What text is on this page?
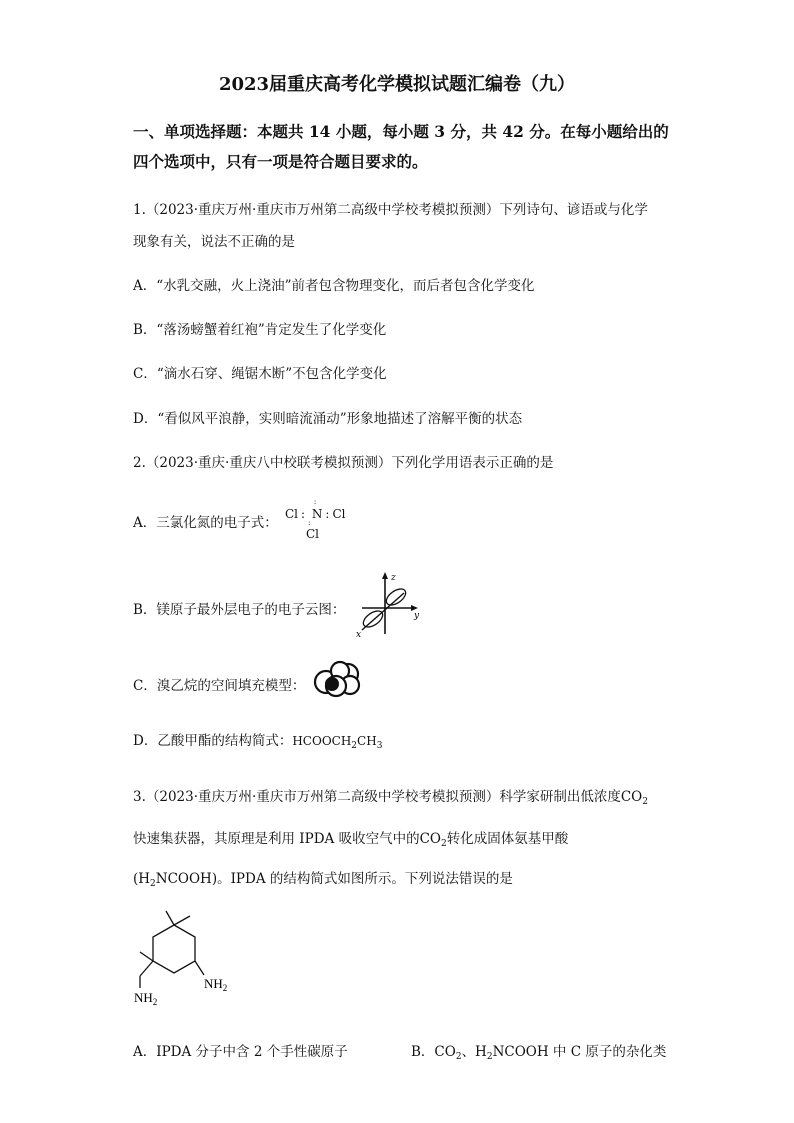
2023届重庆高考化学模拟试题汇编卷（九）
一、单项选择题：本题共 14 小题，每小题 3 分，共 42 分。在每小题给出的
四个选项中，只有一项是符合题目要求的。
1.（2023·重庆万州·重庆市万州第二高级中学校考模拟预测）下列诗句、谚语或与化学
现象有关，说法不正确的是
A．“水乳交融，火上浇油”前者包含物理变化，而后者包含化学变化
B．“落汤螃蟹着红袍”肯定发生了化学变化
C．“滴水石穿、绳锯木断”不包含化学变化
D．“看似风平浪静，实则暗流涌动”形象地描述了溶解平衡的状态
2.（2023·重庆·重庆八中校联考模拟预测）下列化学用语表示正确的是
A．三氯化氮的电子式：
Cl :
:
N : Cl
:
Cl
B．镁原子最外层电子的电子云图：
z
y
x
C．溴乙烷的空间填充模型：
D．乙酸甲酯的结构简式：$HCOOCH_2CH_3$
3.（2023·重庆万州·重庆市万州第二高级中学校考模拟预测）科学家研制出低浓度$CO_2$
快速集获器，其原理是利用 IPDA 吸收空气中的$CO_2$转化成固体氨基甲酸
$(H_2NCOOH)$。IPDA 的结构简式如图所示。下列说法错误的是
$NH_2$
$NH_2$
A．IPDA 分子中含 2 个手性碳原子	B．$CO_2$、$H_2NCOOH$ 中 C 原子的杂化类
